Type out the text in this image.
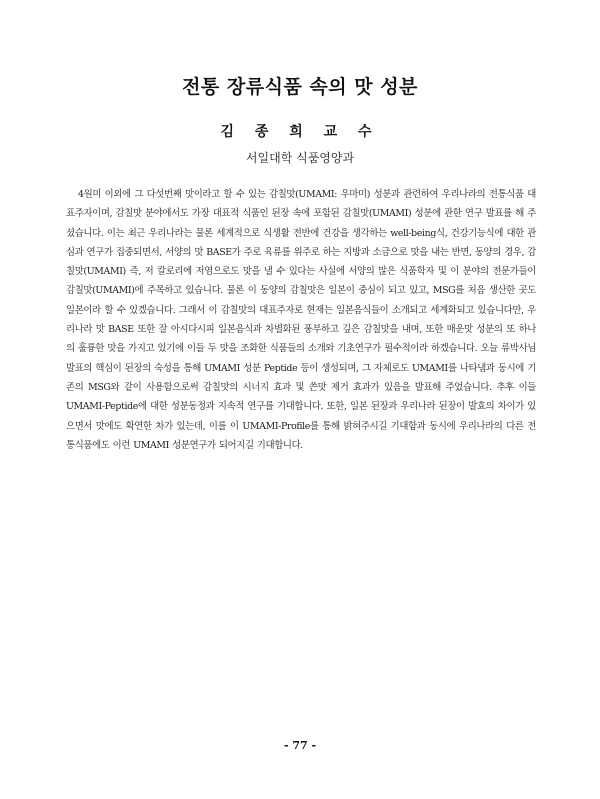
전통 장류식품 속의 맛 성분
김 종 희 교 수
서일대학 식품영양과

4원미 이외에 그 다섯번째 맛이라고 할 수 있는 감칠맛(UMAMI: 우마미) 성분과 관련하여 우리나라의 전통식품 대표주자이며, 감칠맛 분야에서도 가장 대표적 식품인 된장 속에 포함된 감칠맛(UMAMI) 성분에 관한 연구 발표를 해 주셨습니다. 이는 최근 우리나라는 물론 세계적으로 식생활 전반에 건강을 생각하는 well-being식, 건강기능식에 대한 관심과 연구가 집중되면서, 서양의 맛 BASE가 주로 육류를 위주로 하는 지방과 소금으로 맛을 내는 반면, 동양의 경우, 감칠맛(UMAMI) 즉, 저 칼로리에 저염으로도 맛을 낼 수 있다는 사실에 서양의 많은 식품학자 및 이 분야의 전문가들이 감칠맛(UMAMI)에 주목하고 있습니다. 물론 이 동양의 감칠맛은 일본이 중심이 되고 있고, MSG를 처음 생산한 곳도 일본이라 할 수 있겠습니다. 그래서 이 감칠맛의 대표주자로 현재는 일본음식들이 소개되고 세계화되고 있습니다만, 우리나라 맛 BASE 또한 잘 아시다시피 일본음식과 차별화된 풍부하고 깊은 감칠맛을 내며, 또한 매운맛 성분의 또 하나의 훌륭한 맛을 가지고 있기에 이들 두 맛을 조화한 식품들의 소개와 기초연구가 필수적이라 하겠습니다. 오늘 류박사님 발표의 핵심이 된장의 숙성을 통해 UMAMI 성분 Peptide 등이 생성되며, 그 자체로도 UMAMI를 나타냄과 동시에 기존의 MSG와 같이 사용함으로써 감칠맛의 시너지 효과 및 쓴맛 제거 효과가 있음을 발표해 주었습니다. 추후 이들 UMAMI-Peptide에 대한 성분동정과 지속적 연구를 기대합니다. 또한, 일본 된장과 우리나라 된장이 발효의 차이가 있으면서 맛에도 확연한 차가 있는데, 이를 이 UMAMI-Profile를 통해 밝혀주시길 기대함과 동시에 우리나라의 다른 전통식품에도 이런 UMAMI 성분연구가 되어지길 기대합니다.

- 77 -
